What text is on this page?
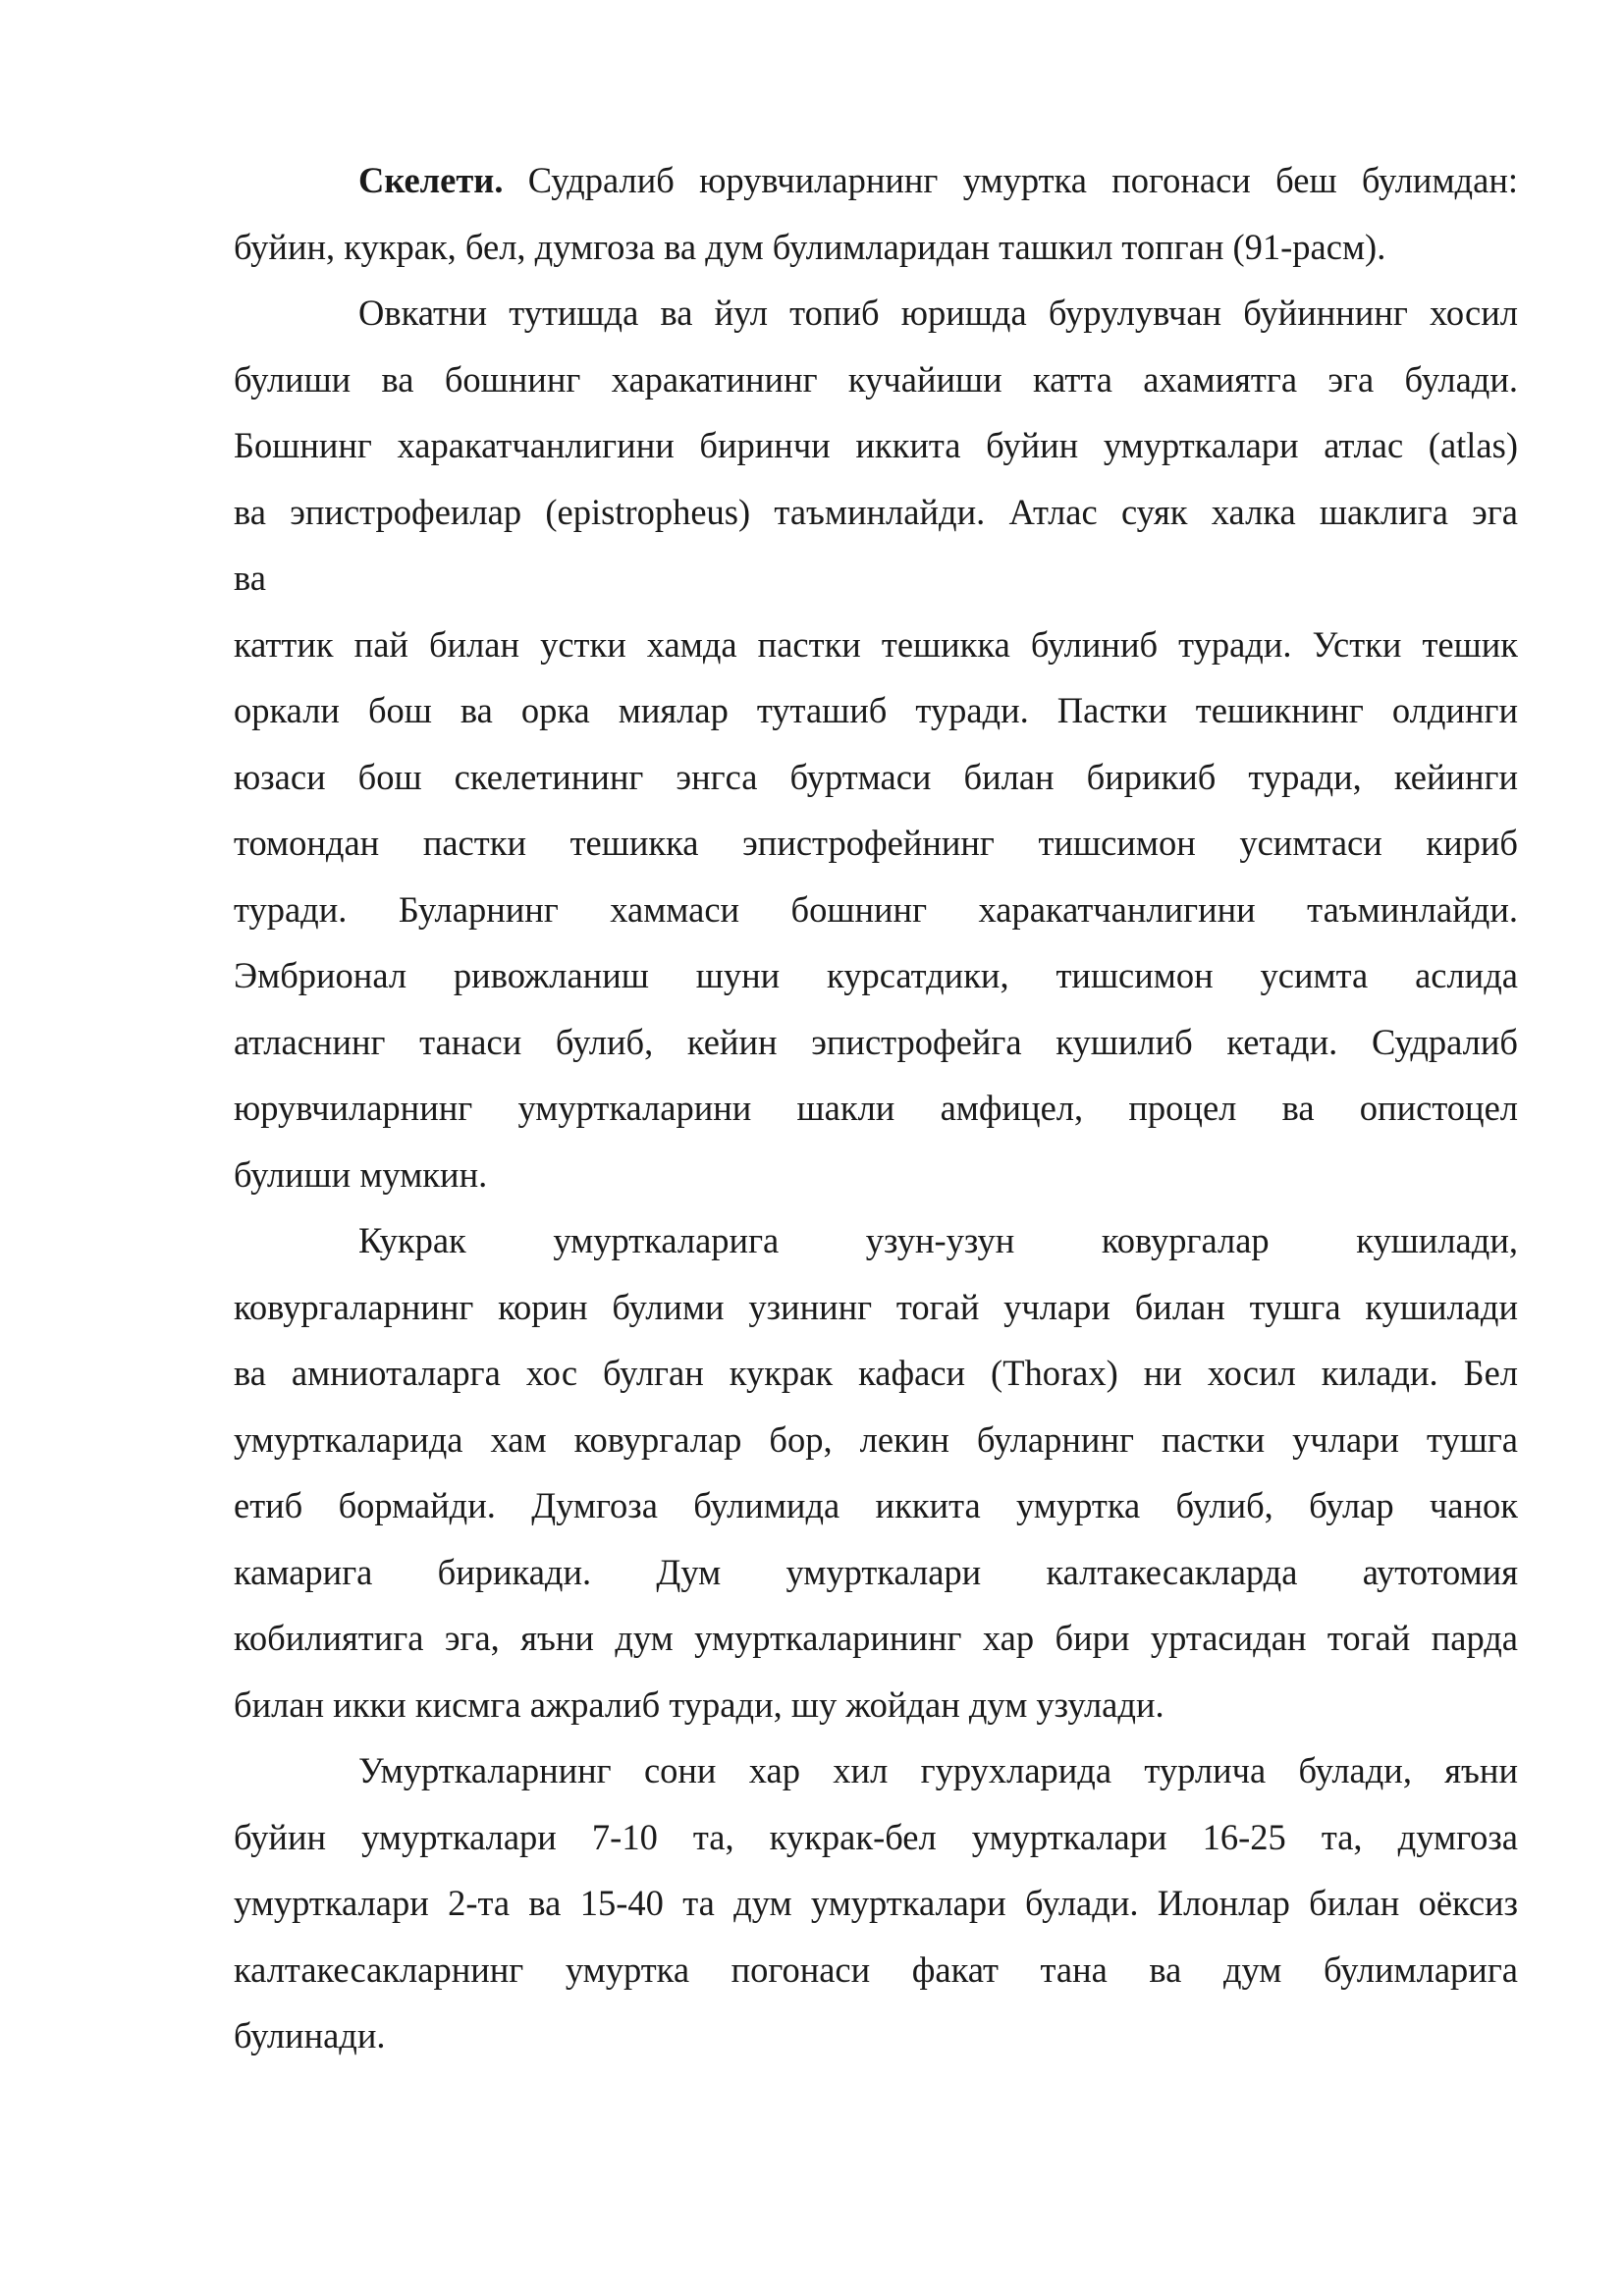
Скелети. Судралиб юрувчиларнинг умуртка погонаси беш булимдан:
буйин, кукрак, бел, думгоза ва дум булимларидан ташкил топган (91-расм).
Овкатни тутишда ва йул топиб юришда бурулувчан буйиннинг хосил
булиши ва бошнинг харакатининг кучайиши катта ахамиятга эга булади.
Бошнинг харакатчанлигини биринчи иккита буйин умурткалари атлас (atlas)
ва эпистрофеилар (epistropheus) таъминлайди. Атлас суяк халка шаклига эга
ва
каттик пай билан устки хамда пастки тешикка булиниб туради. Устки тешик
оркали бош ва орка миялар туташиб туради. Пастки тешикнинг олдинги
юзаси бош скелетининг энгса буртмаси билан бирикиб туради, кейинги
томондан пастки тешикка эпистрофейнинг тишсимон усимтаси кириб
туради. Буларнинг хаммаси бошнинг харакатчанлигини таъминлайди.
Эмбрионал ривожланиш шуни курсатдики, тишсимон усимта аслида
атласнинг танаси булиб, кейин эпистрофейга кушилиб кетади. Судралиб
юрувчиларнинг умурткаларини шакли амфицел, процел ва опистоцел
булиши мумкин.
Кукрак умурткаларига узун-узун ковургалар кушилади,
ковургаларнинг корин булими узининг тогай учлари билан тушга кушилади
ва амниоталарга хос булган кукрак кафаси (Thorax) ни хосил килади. Бел
умурткаларида хам ковургалар бор, лекин буларнинг пастки учлари тушга
етиб бормайди. Думгоза булимида иккита умуртка булиб, булар чанок
камарига бирикади. Дум умурткалари калтакесакларда аутотомия
кобилиятига эга, яъни дум умурткаларининг хар бири уртасидан тогай парда
билан икки кисмга ажралиб туради, шу жойдан дум узулади.
Умурткаларнинг сони хар хил гурухларида турлича булади, яъни
буйин умурткалари 7-10 та, кукрак-бел умурткалари 16-25 та, думгоза
умурткалари 2-та ва 15-40 та дум умурткалари булади. Илонлар билан оёксиз
калтакесакларнинг умуртка погонаси факат тана ва дум булимларига
булинади.
